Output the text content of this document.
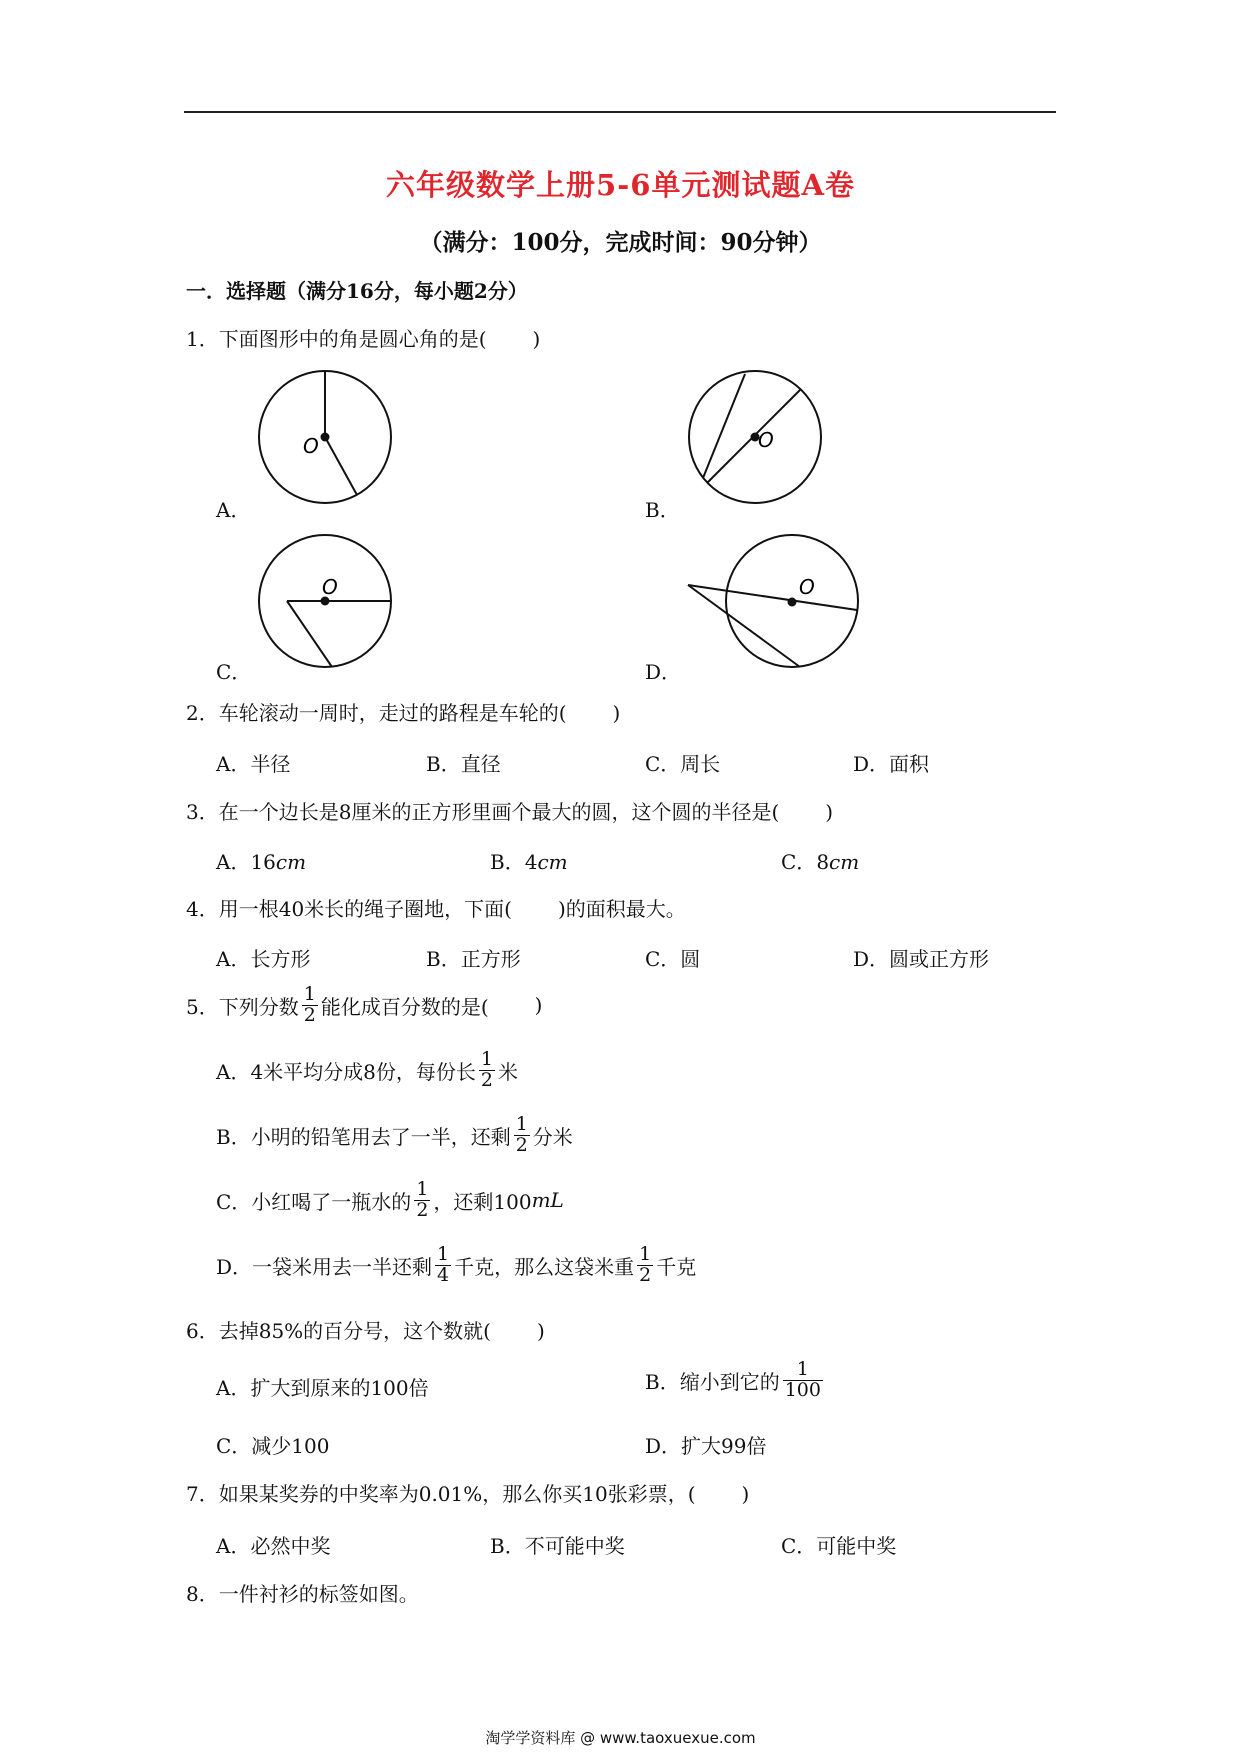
六年级数学上册5-6单元测试题A卷
（满分：100分，完成时间：90分钟）
一．选择题（满分16分，每小题2分）
1．下面图形中的角是圆心角的是( )
O
A．
O
B．
O
C．
O
D．
2．车轮滚动一周时，走过的路程是车轮的( )
A．半径	B．直径	C．周长	D．面积
3．在一个边长是8厘米的正方形里画个最大的圆，这个圆的半径是( )
A．16cm	B．4cm	C．8cm
4．用一根40米长的绳子圈地，下面( )的面积最大。
A．长方形	B．正方形	C．圆	D．圆或正方形
5．下列分数 $\frac{1}{2}$ 能化成百分数的是( )
A．4米平均分成8份，每份长 $\frac{1}{2}$ 米
B．小明的铅笔用去了一半，还剩 $\frac{1}{2}$ 分米
C．小红喝了一瓶水的 $\frac{1}{2}$ ，还剩100 mL
D．一袋米用去一半还剩 $\frac{1}{4}$ 千克，那么这袋米重 $\frac{1}{2}$ 千克
6．去掉85%的百分号，这个数就( )
A．扩大到原来的100倍	B．缩小到它的 $\frac{1}{100}$
C．减少100	D．扩大99倍
7．如果某奖券的中奖率为0.01%，那么你买10张彩票，( )
A．必然中奖	B．不可能中奖	C．可能中奖
8．一件衬衫的标签如图。
淘学学资料库 @ www.taoxuexue.com
